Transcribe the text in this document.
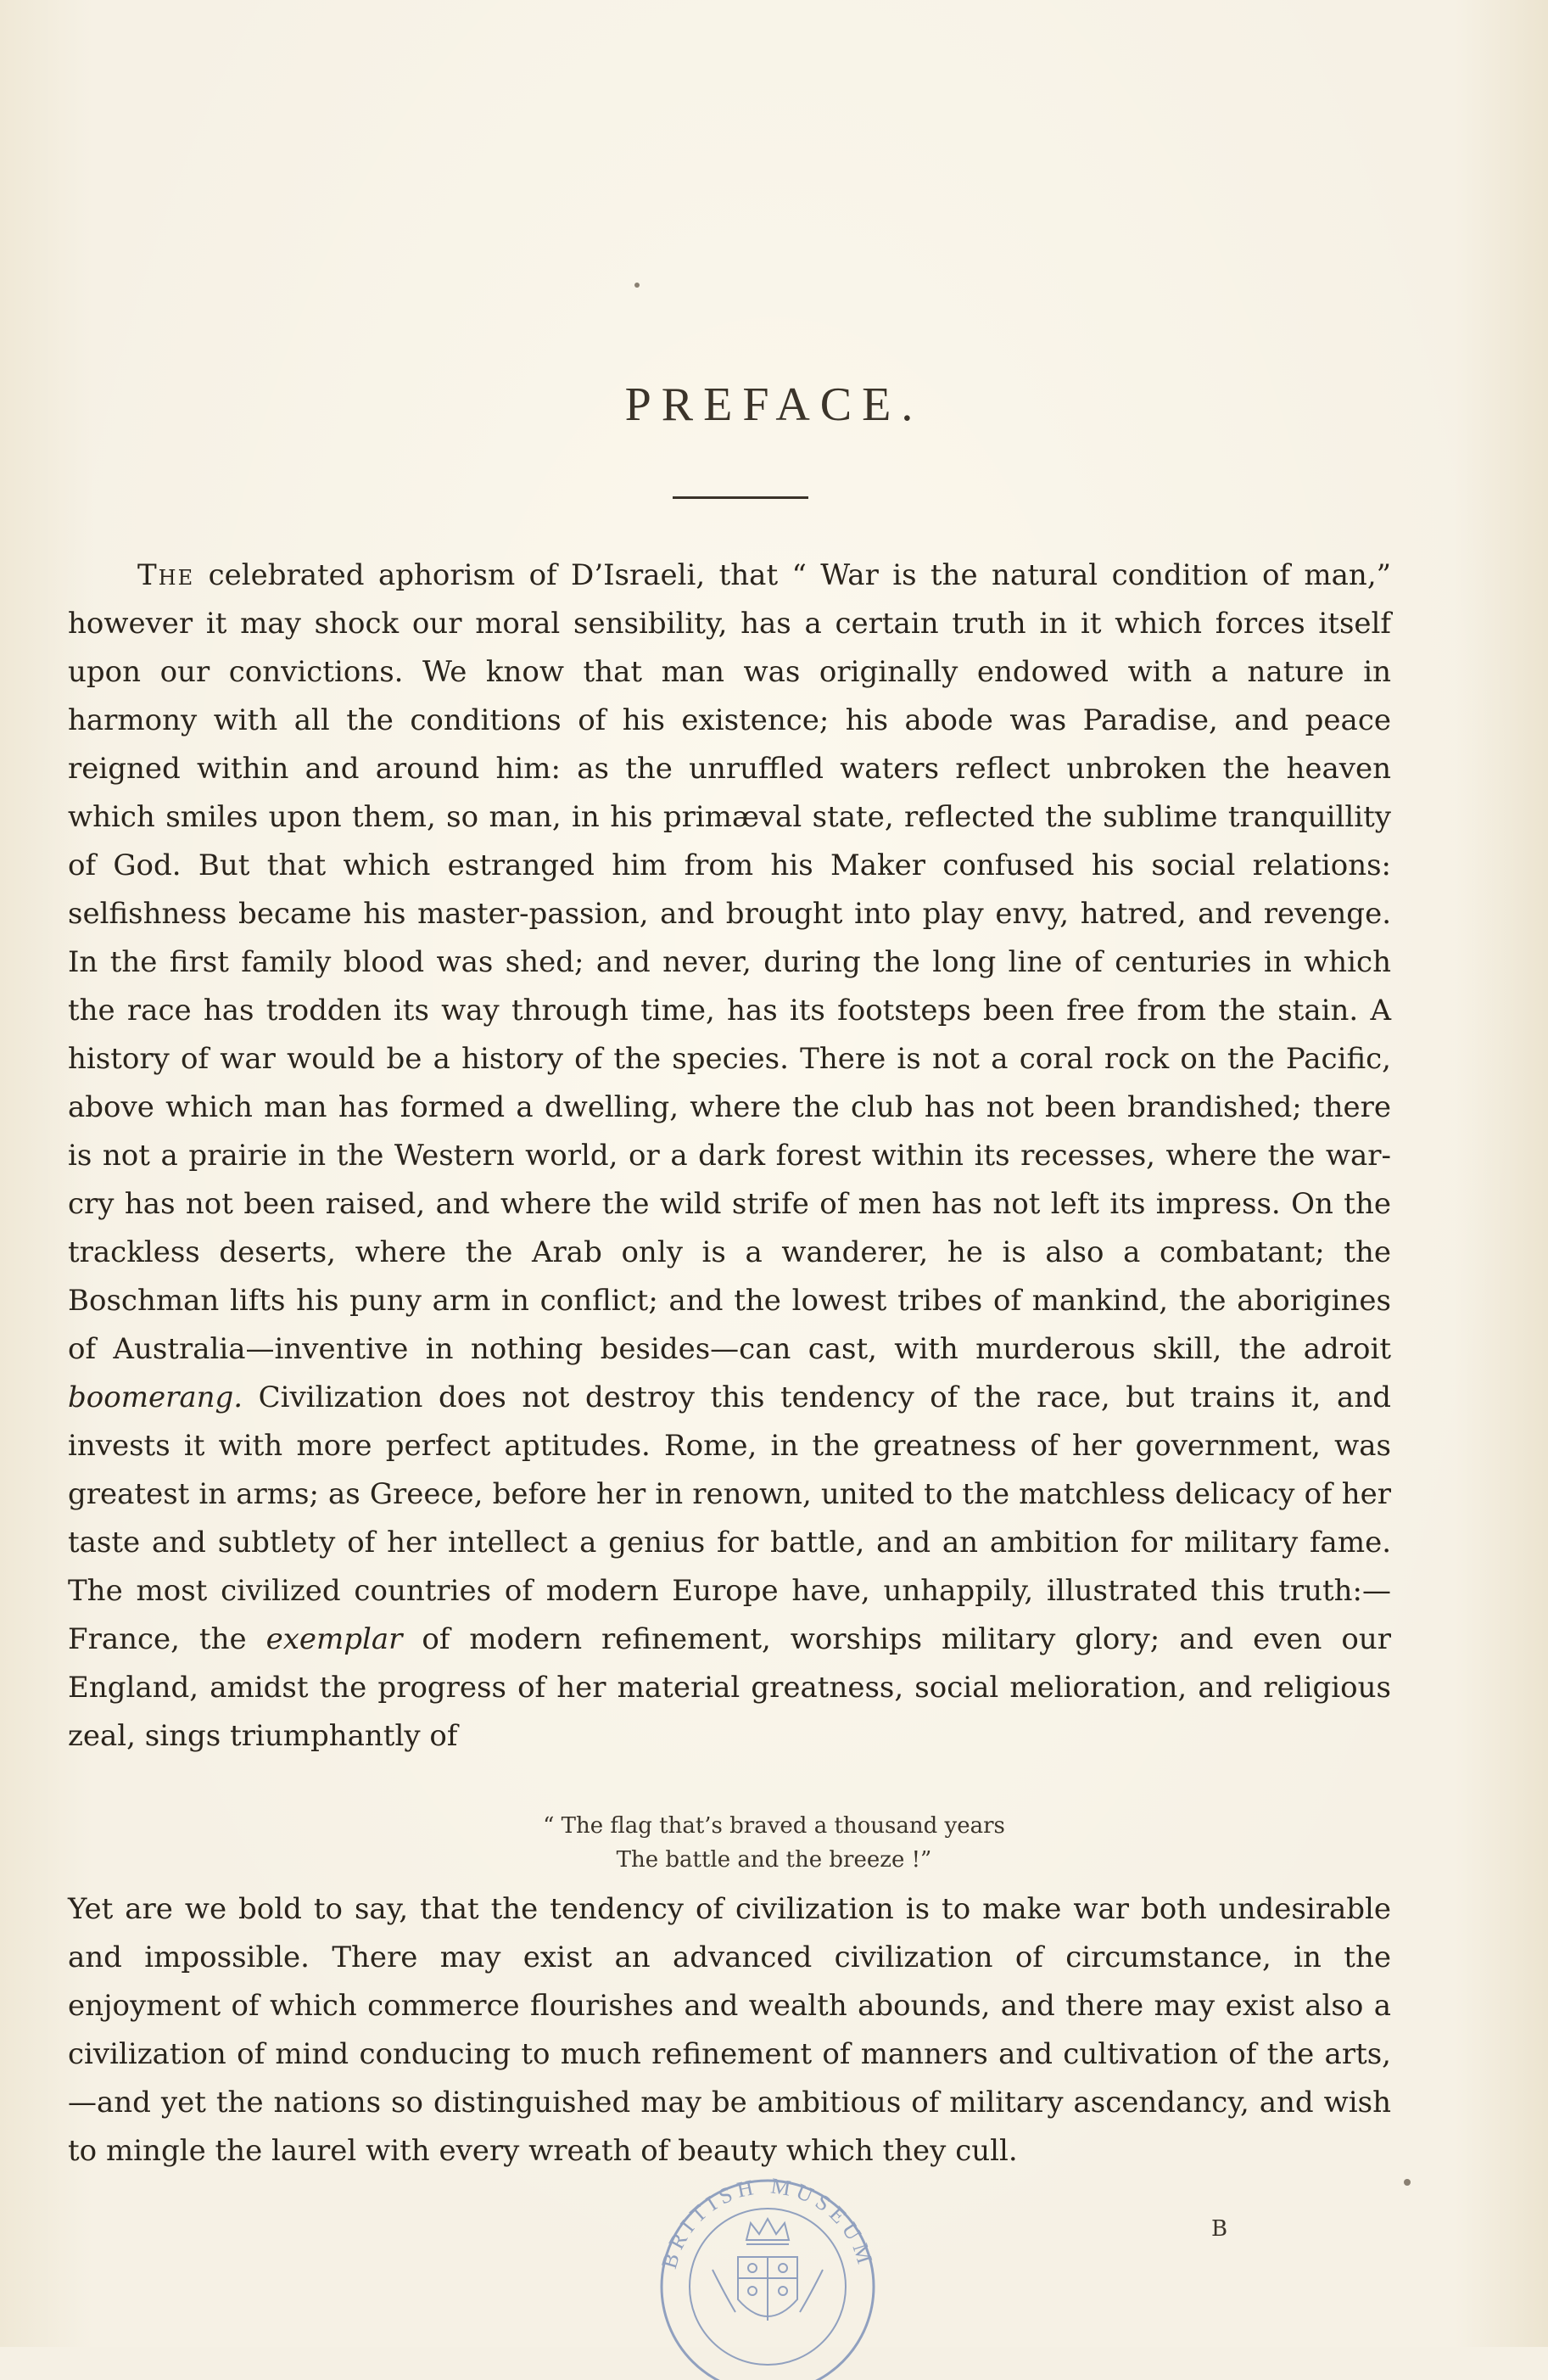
PREFACE.

The celebrated aphorism of D’Israeli, that “ War is the natural condition of man,” however it may shock our moral sensibility, has a certain truth in it which forces itself upon our convictions. We know that man was originally endowed with a nature in harmony with all the conditions of his existence; his abode was Paradise, and peace reigned within and around him: as the unruffled waters reflect unbroken the heaven which smiles upon them, so man, in his primæval state, reflected the sublime tranquillity of God. But that which estranged him from his Maker confused his social relations: selfishness became his master-passion, and brought into play envy, hatred, and revenge. In the first family blood was shed; and never, during the long line of centuries in which the race has trodden its way through time, has its footsteps been free from the stain. A history of war would be a history of the species. There is not a coral rock on the Pacific, above which man has formed a dwelling, where the club has not been brandished; there is not a prairie in the Western world, or a dark forest within its recesses, where the war-cry has not been raised, and where the wild strife of men has not left its impress. On the trackless deserts, where the Arab only is a wanderer, he is also a combatant; the Boschman lifts his puny arm in conflict; and the lowest tribes of mankind, the aborigines of Australia—inventive in nothing besides—can cast, with murderous skill, the adroit boomerang. Civilization does not destroy this tendency of the race, but trains it, and invests it with more perfect aptitudes. Rome, in the greatness of her government, was greatest in arms; as Greece, before her in renown, united to the matchless delicacy of her taste and subtlety of her intellect a genius for battle, and an ambition for military fame. The most civilized countries of modern Europe have, unhappily, illustrated this truth:—France, the exemplar of modern refinement, worships military glory; and even our England, amidst the progress of her material greatness, social melioration, and religious zeal, sings triumphantly of

“ The flag that’s braved a thousand years
The battle and the breeze !”

Yet are we bold to say, that the tendency of civilization is to make war both undesirable and impossible. There may exist an advanced civilization of circumstance, in the enjoyment of which commerce flourishes and wealth abounds, and there may exist also a civilization of mind conducing to much refinement of manners and cultivation of the arts,—and yet the nations so distinguished may be ambitious of military ascendancy, and wish to mingle the laurel with every wreath of beauty which they cull.

BRITISH MUSEUM

B
